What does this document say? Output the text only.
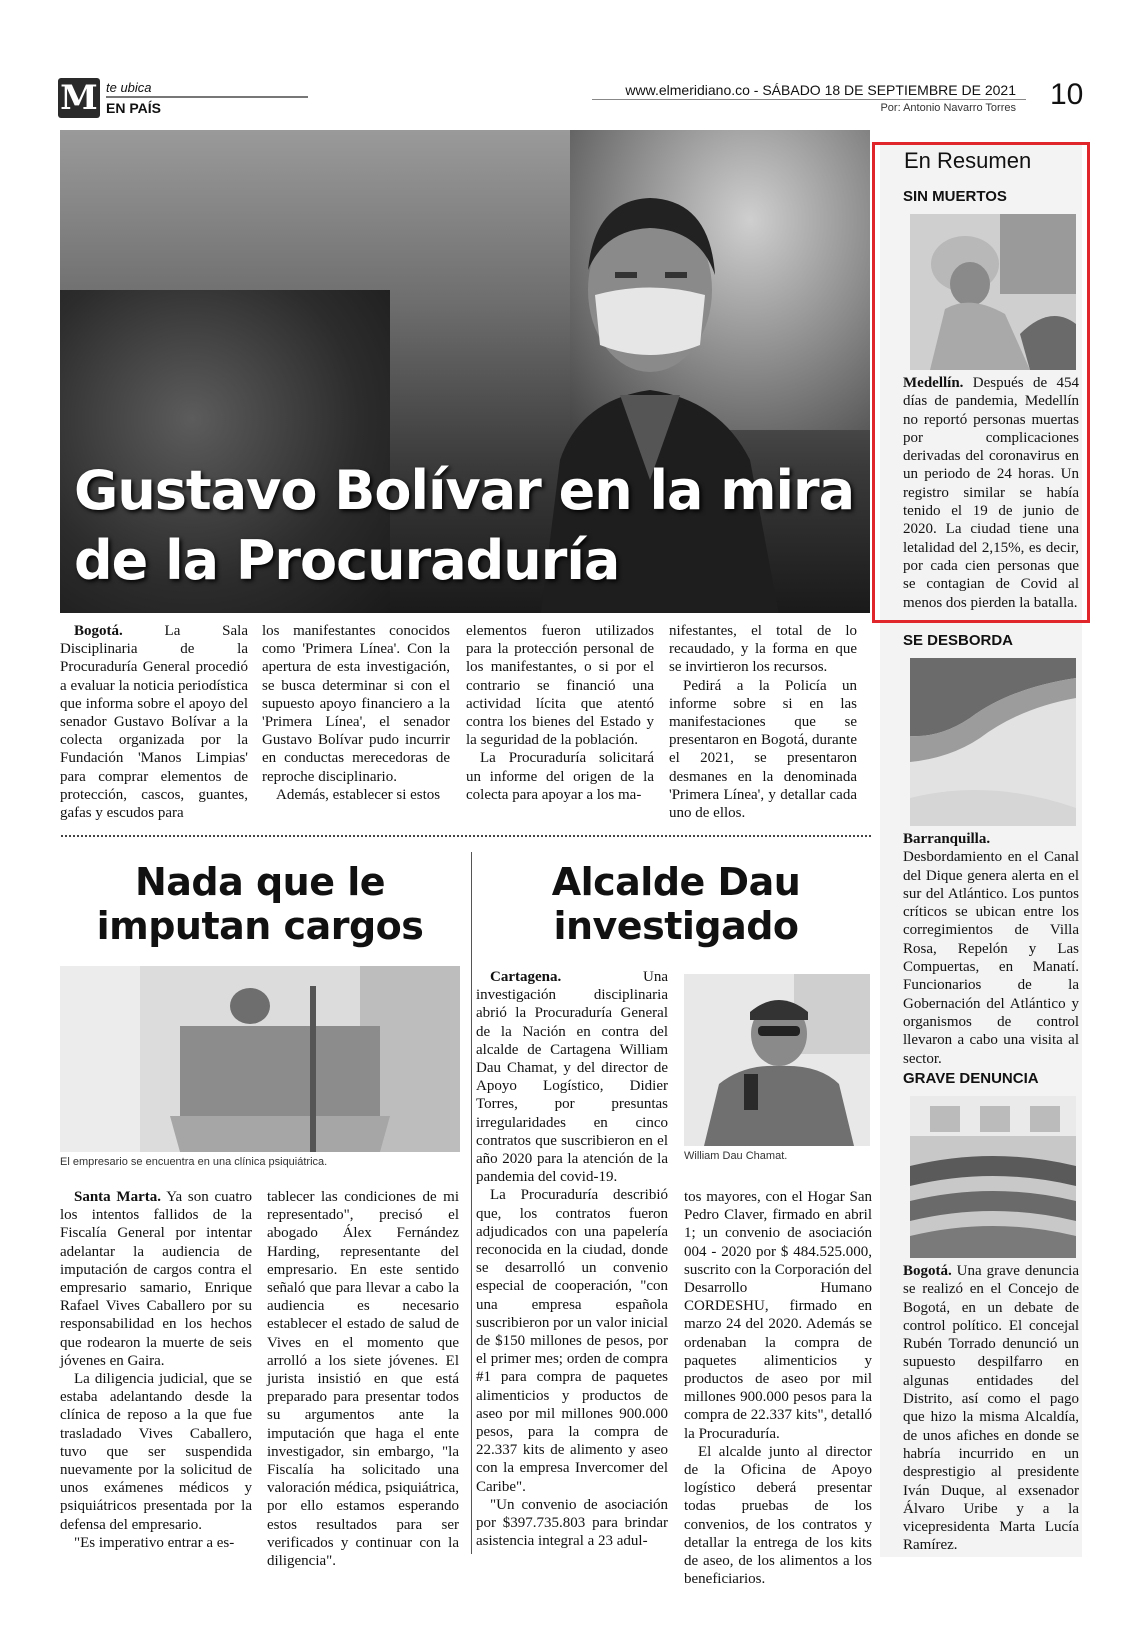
M te ubica
EN PAÍS
www.elmeridiano.co - SÁBADO 18 DE SEPTIEMBRE DE 2021
Por: Antonio Navarro Torres 10
Gustavo Bolívar en la mira de la Procuraduría

Bogotá. La Sala Disciplinaria de la Procuraduría General procedió a evaluar la noticia periodística que informa sobre el apoyo del senador Gustavo Bolívar a la colecta organizada por la Fundación 'Manos Limpias' para comprar elementos de protección, cascos, guantes, gafas y escudos para

los manifestantes conocidos como 'Primera Línea'. Con la apertura de esta investigación, se busca determinar si con el supuesto apoyo financiero a la 'Primera Línea', el senador Gustavo Bolívar pudo incurrir en conductas merecedoras de reproche disciplinario.

Además, establecer si estos

elementos fueron utilizados para la protección personal de los manifestantes, o si por el contrario se financió una actividad lícita que atentó contra los bienes del Estado y la seguridad de la población.

La Procuraduría solicitará un informe del origen de la colecta para apoyar a los ma-

nifestantes, el total de lo recaudado, y la forma en que se invirtieron los recursos.

Pedirá a la Policía un informe sobre si en las manifestaciones que se presentaron en Bogotá, durante el 2021, se presentaron desmanes en la denominada 'Primera Línea', y detallar cada uno de ellos.

En Resumen
SIN MUERTOS
Medellín. Después de 454 días de pandemia, Medellín no reportó personas muertas por complicaciones derivadas del coronavirus en un periodo de 24 horas. Un registro similar se había tenido el 19 de junio de 2020. La ciudad tiene una letalidad del 2,15%, es decir, por cada cien personas que se contagian de Covid al menos dos pierden la batalla.
SE DESBORDA
Barranquilla. Desbordamiento en el Canal del Dique genera alerta en el sur del Atlántico. Los puntos críticos se ubican entre los corregimientos de Villa Rosa, Repelón y Las Compuertas, en Manatí. Funcionarios de la Gobernación del Atlántico y organismos de control llevaron a cabo una visita al sector.
GRAVE DENUNCIA
Bogotá. Una grave denuncia se realizó en el Concejo de Bogotá, en un debate de control político. El concejal Rubén Torrado denunció un supuesto despilfarro en algunas entidades del Distrito, así como el pago que hizo la misma Alcaldía, de unos afiches en donde se habría incurrido en un desprestigio al presidente Iván Duque, al exsenador Álvaro Uribe y a la vicepresidenta Marta Lucía Ramírez.
Nada que le imputan cargos
El empresario se encuentra en una clínica psiquiátrica.

Santa Marta. Ya son cuatro los intentos fallidos de la Fiscalía General por intentar adelantar la audiencia de imputación de cargos contra el empresario samario, Enrique Rafael Vives Caballero por su responsabilidad en los hechos que rodearon la muerte de seis jóvenes en Gaira.

La diligencia judicial, que se estaba adelantando desde la clínica de reposo a la que fue trasladado Vives Caballero, tuvo que ser suspendida nuevamente por la solicitud de unos exámenes médicos y psiquiátricos presentada por la defensa del empresario.

"Es imperativo entrar a es-

tablecer las condiciones de mi representado", precisó el abogado Álex Fernández Harding, representante del empresario. En este sentido señaló que para llevar a cabo la audiencia es necesario establecer el estado de salud de Vives en el momento que arrolló a los siete jóvenes. El jurista insistió en que está preparado para presentar todos su argumentos ante la imputación que haga el ente investigador, sin embargo, "la Fiscalía ha solicitado una valoración médica, psiquiátrica, por ello estamos esperando estos resultados para ser verificados y continuar con la diligencia".

Alcalde Dau investigado

Cartagena. Una investigación disciplinaria abrió la Procuraduría General de la Nación en contra del alcalde de Cartagena William Dau Chamat, y del director de Apoyo Logístico, Didier Torres, por presuntas irregularidades en cinco contratos que suscribieron en el año 2020 para la atención de la pandemia del covid-19.

La Procuraduría describió que, los contratos fueron adjudicados con una papelería reconocida en la ciudad, donde se desarrolló un convenio especial de cooperación, "con una empresa española suscribieron por un valor inicial de $150 millones de pesos, por el primer mes; orden de compra #1 para compra de paquetes alimenticios y productos de aseo por mil millones 900.000 pesos, para la compra de 22.337 kits de alimento y aseo con la empresa Invercomer del Caribe".

"Un convenio de asociación por $397.735.803 para brindar asistencia integral a 23 adul-

William Dau Chamat.

tos mayores, con el Hogar San Pedro Claver, firmado en abril 1; un convenio de asociación 004 - 2020 por $ 484.525.000, suscrito con la Corporación del Desarrollo Humano CORDESHU, firmado en marzo 24 del 2020. Además se ordenaban la compra de paquetes alimenticios y productos de aseo por mil millones 900.000 pesos para la compra de 22.337 kits", detalló la Procuraduría.

El alcalde junto al director de la Oficina de Apoyo logístico deberá presentar todas pruebas de los convenios, de los contratos y detallar la entrega de los kits de aseo, de los alimentos a los beneficiarios.
